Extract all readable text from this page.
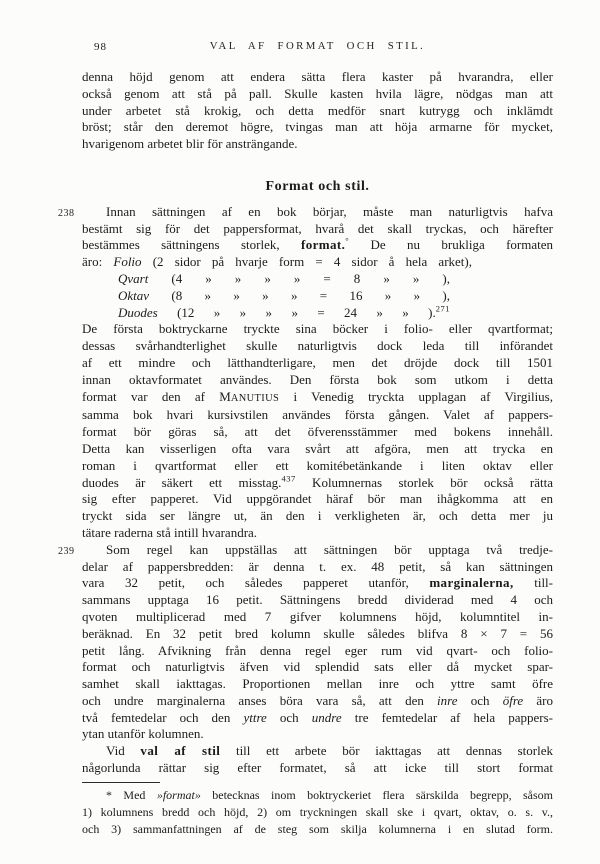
98	VAL AF FORMAT OCH STIL.
denna höjd genom att endera sätta flera kaster på hvarandra, eller
också genom att stå på pall. Skulle kasten hvila lägre, nödgas man att
under arbetet stå krokig, och detta medför snart kutrygg och inklämdt
bröst; står den deremot högre, tvingas man att höja armarne för mycket,
hvarigenom arbetet blir för ansträngande.
Format och stil.
238 Innan sättningen af en bok börjar, måste man naturligtvis hafva
bestämt sig för det pappersformat, hvarå det skall tryckas, och härefter
bestämmes sättningens storlek, format.° De nu brukliga formaten
äro: Folio (2 sidor på hvarje form = 4 sidor å hela arket),
Qvart (4 » » » » = 8 » » ),
Oktav (8 » » » » = 16 » » ),
Duodes (12 » » » » = 24 » » ).$^{271}$
De första boktryckarne tryckte sina böcker i folio- eller qvartformat;
dessas svårhandterlighet skulle naturligtvis dock leda till införandet
af ett mindre och lätthandterligare, men det dröjde dock till 1501
innan oktavformatet användes. Den första bok som utkom i detta
format var den af MANUTIUS i Venedig tryckta upplagan af Virgilius,
samma bok hvari kursivstilen användes första gången. Valet af pappers-
format bör göras så, att det öfverensstämmer med bokens innehåll.
Detta kan visserligen ofta vara svårt att afgöra, men att trycka en
roman i qvartformat eller ett komitébetänkande i liten oktav eller
duodes är säkert ett misstag.$^{437}$ Kolumnernas storlek bör också rätta
sig efter papperet. Vid uppgörandet häraf bör man ihågkomma att en
tryckt sida ser längre ut, än den i verkligheten är, och detta mer ju
tätare raderna stå intill hvarandra.
239 Som regel kan uppställas att sättningen bör upptaga två tredje-
delar af pappersbredden: är denna t. ex. 48 petit, så kan sättningen
vara 32 petit, och således papperet utanför, marginalerna, till-
sammans upptaga 16 petit. Sättningens bredd dividerad med 4 och
qvoten multiplicerad med 7 gifver kolumnens höjd, kolumntitel in-
beräknad. En 32 petit bred kolumn skulle således blifva 8 × 7 = 56
petit lång. Afvikning från denna regel eger rum vid qvart- och folio-
format och naturligtvis äfven vid splendid sats eller då mycket spar-
samhet skall iakttagas. Proportionen mellan inre och yttre samt öfre
och undre marginalerna anses böra vara så, att den inre och öfre äro
två femtedelar och den yttre och undre tre femtedelar af hela pappers-
ytan utanför kolumnen.
Vid val af stil till ett arbete bör iakttagas att dennas storlek
någorlunda rättar sig efter formatet, så att icke till stort format
* Med »format» betecknas inom boktryckeriet flera särskilda begrepp, såsom
1) kolumnens bredd och höjd, 2) om tryckningen skall ske i qvart, oktav, o. s. v.,
och 3) sammanfattningen af de steg som skilja kolumnerna i en slutad form.
